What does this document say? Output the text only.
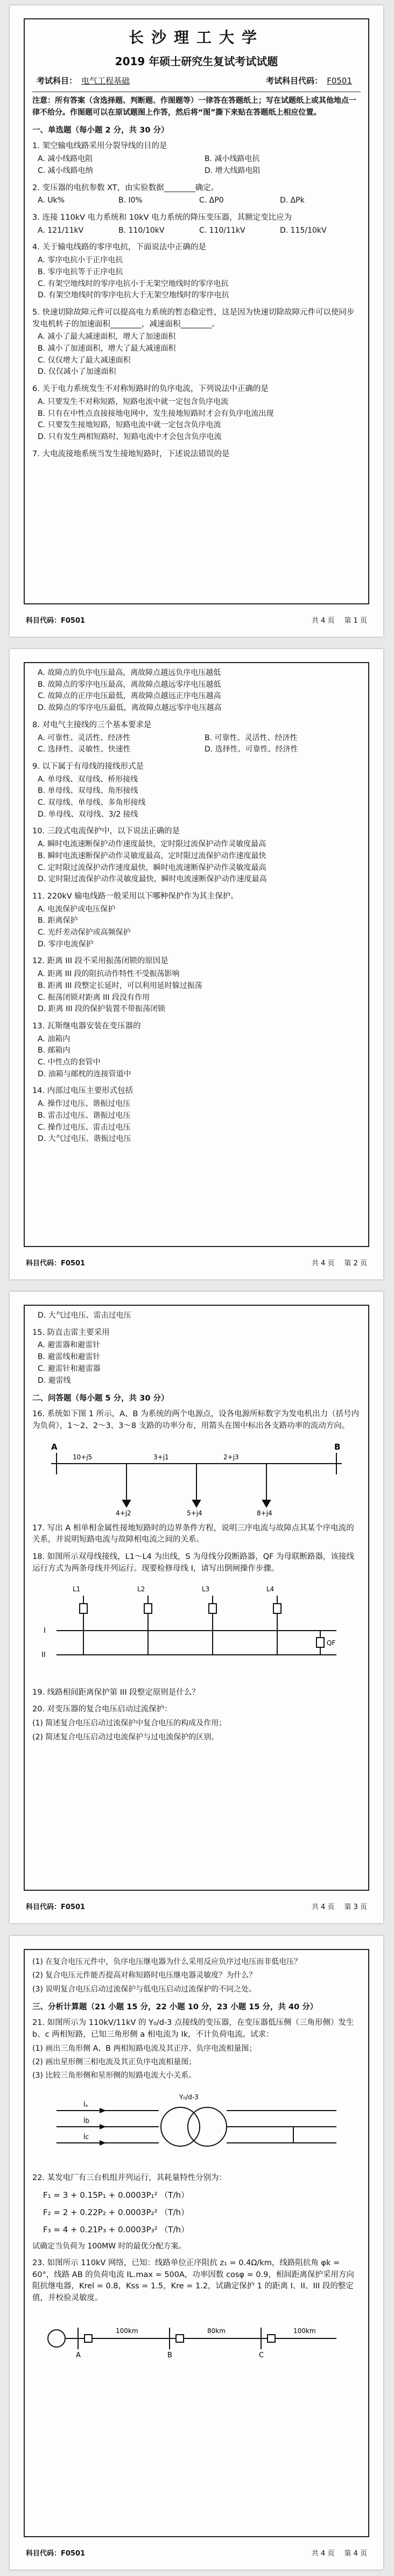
长沙理工大学
2019 年硕士研究生复试考试试题
考试科目： 电气工程基础	考试科目代码： F0501
注意：所有答案（含选择题、判断题、作图题等）一律答在答题纸上；写在试题纸上或其他地点一律不给分。作图题可以在原试题图上作答，然后将“图”撕下来贴在答题纸上相应位置。
一、单选题（每小题 2 分，共 30 分）
1. 架空输电线路采用分裂导线的目的是
A. 减小线路电阻	B. 减小线路电抗
C. 减小线路电纳	D. 增大线路电阻
2. 变压器的电抗参数 XT，由实验数据________确定。
A. Uk%	B. I0%	C. ΔP0	D. ΔPk
3. 连接 110kV 电力系统和 10kV 电力系统的降压变压器，其额定变比应为
A. 121/11kV	B. 110/10kV	C. 110/11kV	D. 115/10kV
4. 关于输电线路的零序电抗，下面说法中正确的是
A. 零序电抗小于正序电抗
B. 零序电抗等于正序电抗
C. 有架空地线时的零序电抗小于无架空地线时的零序电抗
D. 有架空地线时的零序电抗大于无架空地线时的零序电抗
5. 快速切除故障元件可以提高电力系统的暂态稳定性，这是因为快速切除故障元件可以使同步发电机转子的加速面积________，减速面积________。
A. 减小了最大减速面积，增大了加速面积
B. 减小了加速面积，增大了最大减速面积
C. 仅仅增大了最大减速面积
D. 仅仅减小了加速面积
6. 关于电力系统发生不对称短路时的负序电流，下列说法中正确的是
A. 只要发生不对称短路，短路电流中就一定包含负序电流
B. 只有在中性点直接接地电网中，发生接地短路时才会有负序电流出现
C. 只要发生接地短路，短路电流中就一定包含负序电流
D. 只有发生两相短路时，短路电流中才会包含负序电流
7. 大电流接地系统当发生接地短路时，下述说法错误的是
科目代码：F0501	共 4 页 第 1 页
A. 故障点的负序电压最高，离故障点越远负序电压越低
B. 故障点的零序电压最高，离故障点越远零序电压越低
C. 故障点的正序电压最低，离故障点越远正序电压越高
D. 故障点的零序电压最低，离故障点越远零序电压越高
8. 对电气主接线的三个基本要求是
A. 可靠性、灵活性、经济性	B. 可靠性、灵活性、经济性
C. 选择性、灵敏性、快速性	D. 选择性、可靠性、经济性
9. 以下属于有母线的接线形式是
A. 单母线、双母线、桥形接线
B. 单母线、双母线、角形接线
C. 双母线、单母线、多角形接线
D. 单母线、双母线、3/2 接线
10. 三段式电流保护中，以下说法正确的是
A. 瞬时电流速断保护动作速度最快，定时限过流保护动作灵敏度最高
B. 瞬时电流速断保护动作灵敏度最高，定时限过流保护动作速度最快
C. 定时限过流保护动作速度最快，瞬时电流速断保护动作灵敏度最高
D. 定时限过流保护动作灵敏度最快，瞬时电流速断保护动作速度最高
11. 220kV 输电线路一般采用以下哪种保护作为其主保护。
A. 电流保护或电压保护
B. 距离保护
C. 光纤差动保护或高频保护
D. 零序电流保护
12. 距离 III 段不采用振荡闭锁的原因是
A. 距离 III 段的阻抗动作特性不受振荡影响
B. 距离 III 段整定长延时，可以利用延时躲过振荡
C. 振荡闭锁对距离 III 段没有作用
D. 距离 III 段的保护装置不带振荡闭锁
13. 瓦斯继电器安装在变压器的
A. 油箱内
B. 邮箱内
C. 中性点的套管中
D. 油箱与邮枕的连接管道中
14. 内部过电压主要形式包括
A. 操作过电压、谐振过电压
B. 雷击过电压、谐振过电压
C. 操作过电压、雷击过电压
D. 大气过电压、谐振过电压
科目代码：F0501	共 4 页 第 2 页
D. 大气过电压、雷击过电压
15. 防直击雷主要采用
A. 避雷器和避雷针
B. 避雷线和避雷针
C. 避雷针和避雷器
D. 避雷线
二、问答题（每小题 5 分，共 30 分）
16. 系统如下图 1 所示，A、B 为系统的两个电源点，设各电源所标数字为发电机出力（括号内为负荷），1～2、2～3、3～8 支路的功率分布，用箭头在图中标出各支路功率的流动方向。
A	B
10+j5
4+j2	5+j4	8+j4
3+j1	2+j3
17. 写出 A 相单相金属性接地短路时的边界条件方程，说明三序电流与故障点其某个序电流的关系，并说明短路电流与故障相电流之间的关系。
18. 如图所示双母线接线，L1～L4 为出线，S 为母线分段断路器，QF 为母联断路器，该接线运行方式为两条母线并列运行。现要检修母线 I，请写出倒闸操作步骤。
L1	L2	L3	L4
I
II
QF
19. 线路相间距离保护第 III 段整定原则是什么？
20. 对变压器的复合电压启动过流保护：
(1) 简述复合电压启动过流保护中复合电压的构成及作用；
(2) 简述复合电压启动过电流保护与过电流保护的区别。
科目代码：F0501	共 4 页 第 3 页
(1) 在复合电压元件中，负序电压继电器为什么采用反应负序过电压而非低电压？
(2) 复合电压元件能否提高对称短路时电压继电器灵敏度？为什么？
(3) 说明复合电压启动过流保护与低电压启动过流保护的不同之处。
三、分析计算题（21 小题 15 分，22 小题 10 分，23 小题 15 分，共 40 分）
21. 如图所示为 110kV/11kV 的 Y₀/d-3 点接线的变压器，在变压器低压侧（三角形侧）发生 b、c 两相短路，已知三角形侧 a 相电流为 Ik，不计负荷电流。试求：
(1) 画出三角形侧 A、B 两相短路电流及其正序、负序电流相量图；
(2) 画出星形侧三相电流及其正负序电流相量图；
(3) 比较三角形侧和星形侧的短路电流大小关系。
Y₀/d-3
İₐ
İb
İc
22. 某发电厂有三台机组并列运行，其耗量特性分别为：
F₁ = 3 + 0.15P₁ + 0.0003P₁² （T/h）
F₂ = 2 + 0.22P₂ + 0.0003P₂² （T/h）
F₃ = 4 + 0.21P₃ + 0.0003P₃² （T/h）
试确定当负荷为 100MW 时的最优分配方案。
23. 如图所示 110kV 网络，已知：线路单位正序阻抗 z₁ = 0.4Ω/km，线路阻抗角 φk = 60°，线路 AB 的负荷电流 IL.max = 500A，功率因数 cosφ = 0.9，相间距离保护采用方向阻抗继电器，Krel = 0.8，Kss = 1.5，Kre = 1.2，试确定保护 1 的距离 I、II、III 段的整定值，并校验灵敏度。
A	B	C
100km	80km	100km
科目代码：F0501	共 4 页 第 4 页
